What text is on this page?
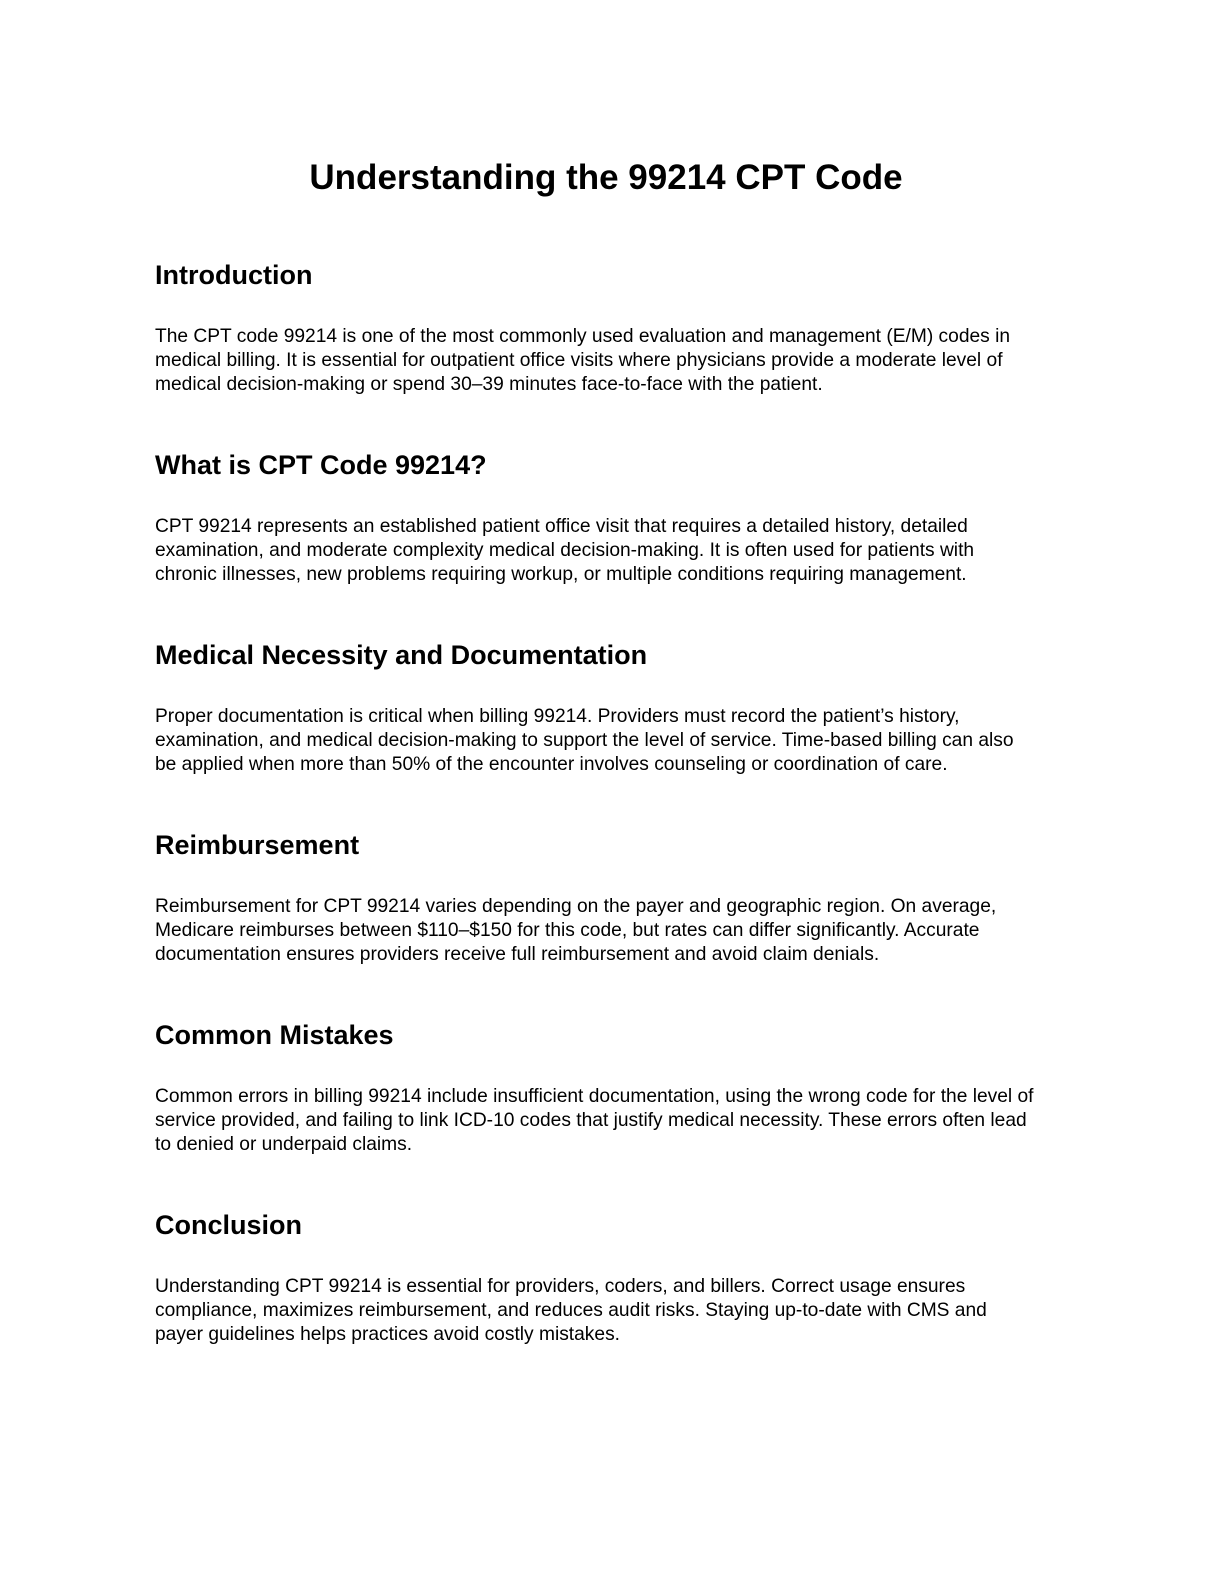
Understanding the 99214 CPT Code
Introduction

The CPT code 99214 is one of the most commonly used evaluation and management (E/M) codes in
medical billing. It is essential for outpatient office visits where physicians provide a moderate level of
medical decision-making or spend 30–39 minutes face-to-face with the patient.

What is CPT Code 99214?

CPT 99214 represents an established patient office visit that requires a detailed history, detailed
examination, and moderate complexity medical decision-making. It is often used for patients with
chronic illnesses, new problems requiring workup, or multiple conditions requiring management.

Medical Necessity and Documentation

Proper documentation is critical when billing 99214. Providers must record the patient’s history,
examination, and medical decision-making to support the level of service. Time-based billing can also
be applied when more than 50% of the encounter involves counseling or coordination of care.

Reimbursement

Reimbursement for CPT 99214 varies depending on the payer and geographic region. On average,
Medicare reimburses between $110–$150 for this code, but rates can differ significantly. Accurate
documentation ensures providers receive full reimbursement and avoid claim denials.

Common Mistakes

Common errors in billing 99214 include insufficient documentation, using the wrong code for the level of
service provided, and failing to link ICD-10 codes that justify medical necessity. These errors often lead
to denied or underpaid claims.

Conclusion

Understanding CPT 99214 is essential for providers, coders, and billers. Correct usage ensures
compliance, maximizes reimbursement, and reduces audit risks. Staying up-to-date with CMS and
payer guidelines helps practices avoid costly mistakes.
